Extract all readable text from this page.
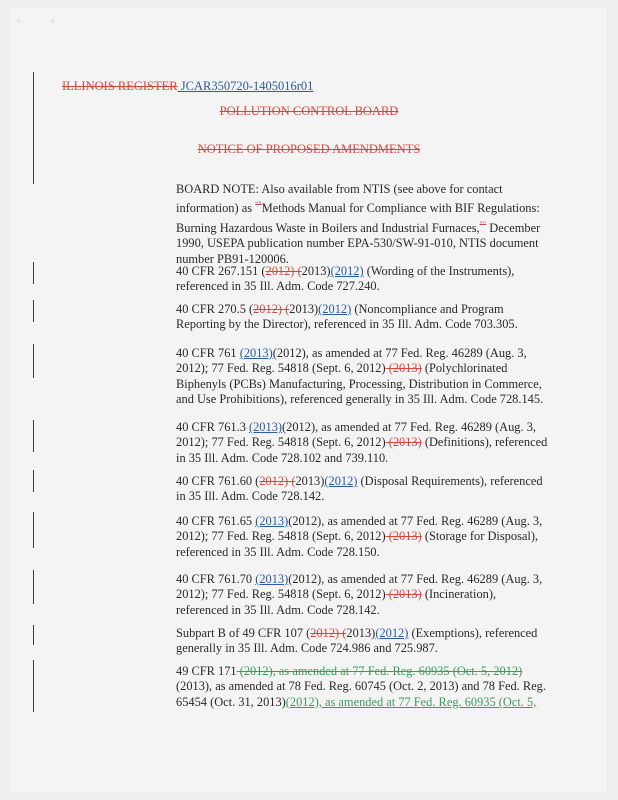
°	°
ILLINOIS REGISTER JCAR350720-1405016r01
POLLUTION CONTROL BOARD
NOTICE OF PROPOSED AMENDMENTS
BOARD NOTE: Also available from NTIS (see above for contact
information) as ""Methods Manual for Compliance with BIF Regulations:
Burning Hazardous Waste in Boilers and Industrial Furnaces,"" December
1990, USEPA publication number EPA-530/SW-91-010, NTIS document
number PB91-120006.
40 CFR 267.151 (2012) (2013)(2012) (Wording of the Instruments),
referenced in 35 Ill. Adm. Code 727.240.
40 CFR 270.5 (2012) (2013)(2012) (Noncompliance and Program
Reporting by the Director), referenced in 35 Ill. Adm. Code 703.305.
40 CFR 761 (2013)(2012), as amended at 77 Fed. Reg. 46289 (Aug. 3,
2012); 77 Fed. Reg. 54818 (Sept. 6, 2012) (2013) (Polychlorinated
Biphenyls (PCBs) Manufacturing, Processing, Distribution in Commerce,
and Use Prohibitions), referenced generally in 35 Ill. Adm. Code 728.145.
40 CFR 761.3 (2013)(2012), as amended at 77 Fed. Reg. 46289 (Aug. 3,
2012); 77 Fed. Reg. 54818 (Sept. 6, 2012) (2013) (Definitions), referenced
in 35 Ill. Adm. Code 728.102 and 739.110.
40 CFR 761.60 (2012) (2013)(2012) (Disposal Requirements), referenced
in 35 Ill. Adm. Code 728.142.
40 CFR 761.65 (2013)(2012), as amended at 77 Fed. Reg. 46289 (Aug. 3,
2012); 77 Fed. Reg. 54818 (Sept. 6, 2012) (2013) (Storage for Disposal),
referenced in 35 Ill. Adm. Code 728.150.
40 CFR 761.70 (2013)(2012), as amended at 77 Fed. Reg. 46289 (Aug. 3,
2012); 77 Fed. Reg. 54818 (Sept. 6, 2012) (2013) (Incineration),
referenced in 35 Ill. Adm. Code 728.142.
Subpart B of 49 CFR 107 (2012) (2013)(2012) (Exemptions), referenced
generally in 35 Ill. Adm. Code 724.986 and 725.987.
49 CFR 171 (2012), as amended at 77 Fed. Reg. 60935 (Oct. 5, 2012)
(2013), as amended at 78 Fed. Reg. 60745 (Oct. 2, 2013) and 78 Fed. Reg.
65454 (Oct. 31, 2013)(2012), as amended at 77 Fed. Reg. 60935 (Oct. 5,
